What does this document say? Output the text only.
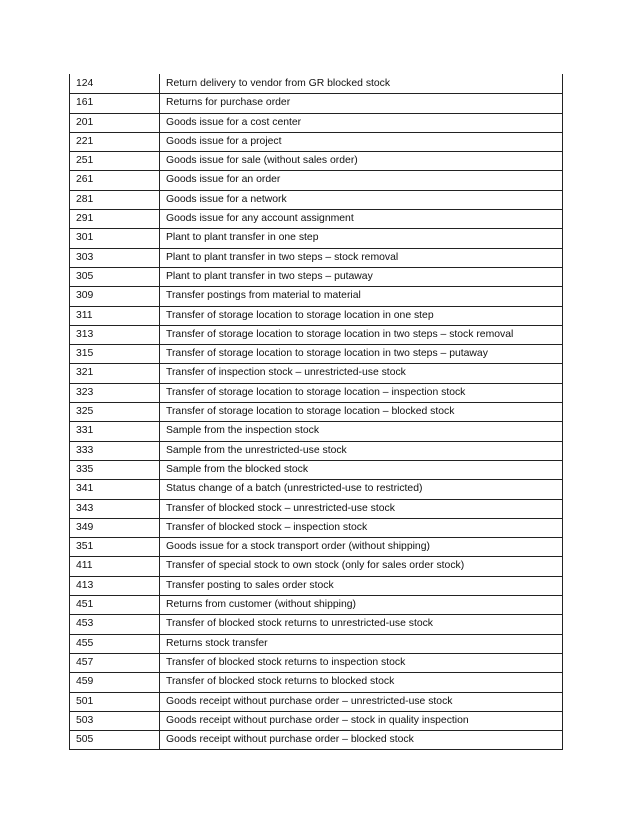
124	Return delivery to vendor from GR blocked stock
161	Returns for purchase order
201	Goods issue for a cost center
221	Goods issue for a project
251	Goods issue for sale (without sales order)
261	Goods issue for an order
281	Goods issue for a network
291	Goods issue for any account assignment
301	Plant to plant transfer in one step
303	Plant to plant transfer in two steps – stock removal
305	Plant to plant transfer in two steps – putaway
309	Transfer postings from material to material
311	Transfer of storage location to storage location in one step
313	Transfer of storage location to storage location in two steps – stock removal
315	Transfer of storage location to storage location in two steps – putaway
321	Transfer of inspection stock – unrestricted-use stock
323	Transfer of storage location to storage location – inspection stock
325	Transfer of storage location to storage location – blocked stock
331	Sample from the inspection stock
333	Sample from the unrestricted-use stock
335	Sample from the blocked stock
341	Status change of a batch (unrestricted-use to restricted)
343	Transfer of blocked stock – unrestricted-use stock
349	Transfer of blocked stock – inspection stock
351	Goods issue for a stock transport order (without shipping)
411	Transfer of special stock to own stock (only for sales order stock)
413	Transfer posting to sales order stock
451	Returns from customer (without shipping)
453	Transfer of blocked stock returns to unrestricted-use stock
455	Returns stock transfer
457	Transfer of blocked stock returns to inspection stock
459	Transfer of blocked stock returns to blocked stock
501	Goods receipt without purchase order – unrestricted-use stock
503	Goods receipt without purchase order – stock in quality inspection
505	Goods receipt without purchase order – blocked stock
